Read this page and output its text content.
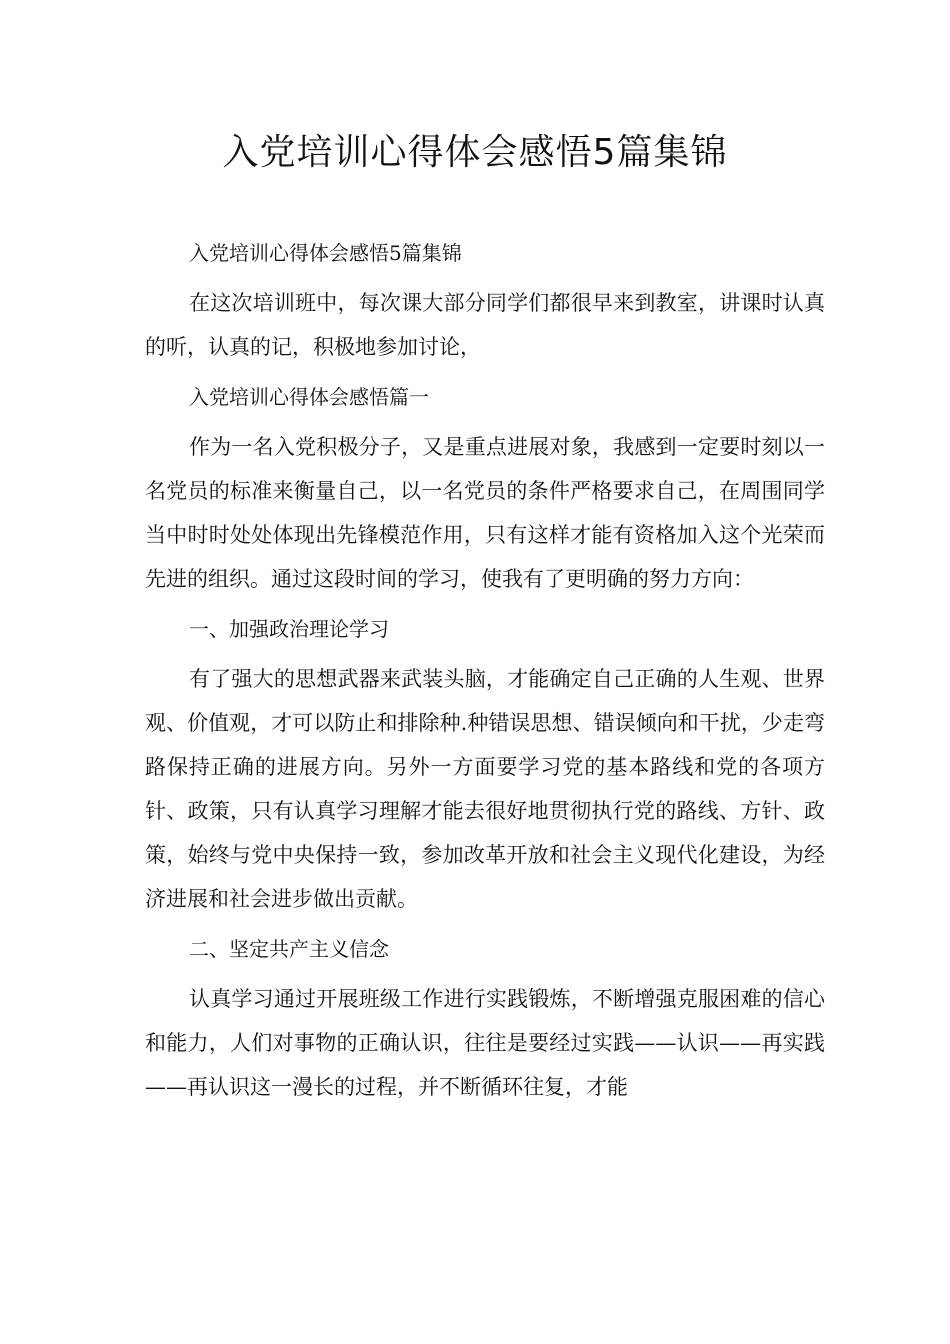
入党培训心得体会感悟5篇集锦

入党培训心得体会感悟5篇集锦

在这次培训班中，每次课大部分同学们都很早来到教室，讲课时认真的听，认真的记，积极地参加讨论，

入党培训心得体会感悟篇一

作为一名入党积极分子，又是重点进展对象，我感到一定要时刻以一名党员的标准来衡量自己，以一名党员的条件严格要求自己，在周围同学当中时时处处体现出先锋模范作用，只有这样才能有资格加入这个光荣而先进的组织。通过这段时间的学习，使我有了更明确的努力方向：

一、加强政治理论学习

有了强大的思想武器来武装头脑，才能确定自己正确的人生观、世界观、价值观，才可以防止和排除种.种错误思想、错误倾向和干扰，少走弯路保持正确的进展方向。另外一方面要学习党的基本路线和党的各项方针、政策，只有认真学习理解才能去很好地贯彻执行党的路线、方针、政策，始终与党中央保持一致，参加改革开放和社会主义现代化建设，为经济进展和社会进步做出贡献。

二、坚定共产主义信念

认真学习通过开展班级工作进行实践锻炼，不断增强克服困难的信心和能力，人们对事物的正确认识，往往是要经过实践——认识——再实践——再认识这一漫长的过程，并不断循环往复，才能
